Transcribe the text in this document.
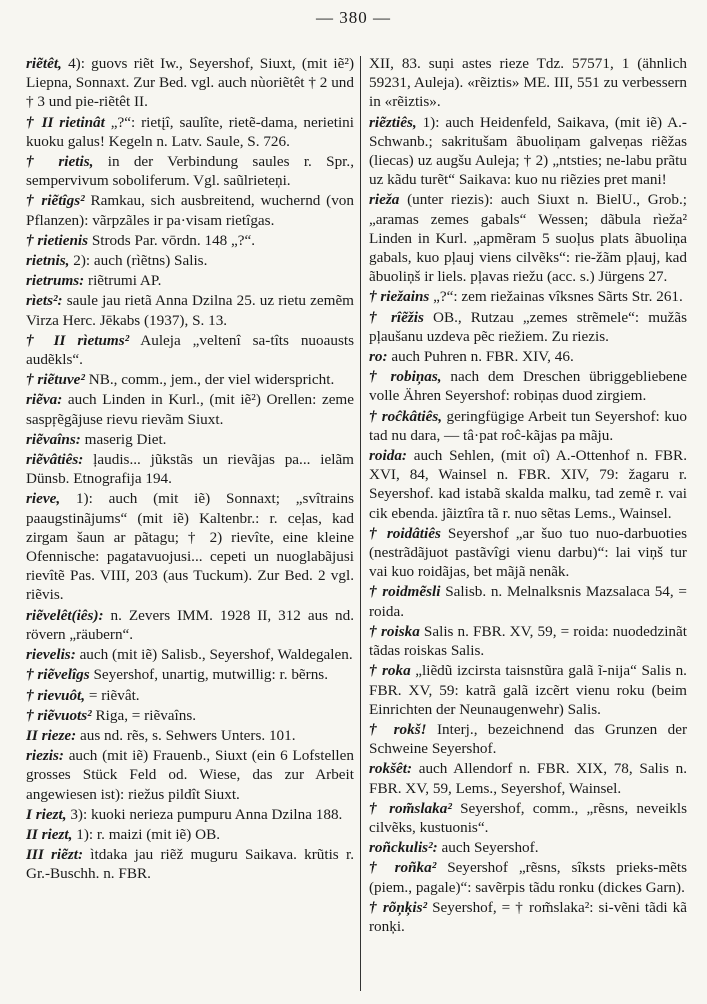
— 380 —

riẽtêt, 4): guovs riẽt Iw., Seyershof, Siuxt, (mit iẽ²) Liepna, Sonnaxt. Zur Bed. vgl. auch nùoriẽtêt † 2 und † 3 und pie-riẽtêt II.

† II rietinât „?“: rietįî, saulîte, rietẽ-dama, nerietini kuoku galus! Kegeln n. Latv. Saule, S. 726.

† rietis, in der Verbindung saules r. Spr., sempervivum soboliferum. Vgl. saũlrieteņi.

† riẽtîgs² Ramkau, sich ausbreitend, wuchernd (von Pflanzen): vãrpzãles ir pa·visam rietîgas.

† rietienis Strods Par. vōrdn. 148 „?“.

rietnis, 2): auch (rìẽtns) Salis.

rietrums: riẽtrumi AP.

rìets²: saule jau rietã Anna Dzilna 25. uz rietu zemẽm Virza Herc. Jēkabs (1937), S. 13.

† II rìetums² Auleja „veltenî sa-tîts nuoausts audẽkls“.

† riẽtuve² NB., comm., jem., der viel widerspricht.

riẽva: auch Linden in Kurl., (mit iẽ²) Orellen: zeme saspŗẽgãjuse rievu rievãm Siuxt.

riẽvaîns: maserig Diet.

riẽvâtiês: ļaudis... jũkstãs un rievãjas pa... ielãm Dünsb. Etnografija 194.

rieve, 1): auch (mit iẽ) Sonnaxt; „svîtrains paaugstinãjums“ (mit iẽ) Kaltenbr.: r. ceļas, kad zirgam šaun ar pãtagu; † 2) rievîte, eine kleine Ofennische: pagatavuojusi... cepeti un nuoglabãjusi rievîtẽ Pas. VIII, 203 (aus Tuckum). Zur Bed. 2 vgl. riẽvis.

riẽvelêt(iês): n. Zevers IMM. 1928 II, 312 aus nd. rövern „räubern“.

rievelis: auch (mit iẽ) Salisb., Seyershof, Waldegalen.

† riẽvelîgs Seyershof, unartig, mutwillig: r. bẽrns.

† rievuôt, = riẽvât.

† riẽvuots² Riga, = riẽvaîns.

II rieze: aus nd. rẽs, s. Sehwers Unters. 101.

riezis: auch (mit iẽ) Frauenb., Siuxt (ein 6 Lofstellen grosses Stück Feld od. Wiese, das zur Arbeit angewiesen ist): riežus pildît Siuxt.

I riezt, 3): kuoki nerieza pumpuru Anna Dzilna 188.

II riezt, 1): r. maizi (mit iẽ) OB.

III riẽzt: ìtdaka jau riẽž muguru Saikava. krũtis r. Gr.-Buschh. n. FBR.

XII, 83. suņi astes rieze Tdz. 57571, 1 (ähnlich 59231, Auleja). «rẽiztis» ME. III, 551 zu verbessern in «rẽiztis».

riẽztiês, 1): auch Heidenfeld, Saikava, (mit iẽ) A.-Schwanb.; sakritušam ãbuoliņam galveņas riẽžas (liecas) uz augšu Auleja; † 2) „ntsties; ne-labu prãtu uz kãdu turẽt“ Saikava: kuo nu riẽzies pret mani!

rieža (unter riezis): auch Siuxt n. BielU., Grob.; „aramas zemes gabals“ Wessen; dãbula rìeža² Linden in Kurl. „apmẽram 5 suoļus plats ãbuoliņa gabals, kuo pļauj viens cilvẽks“: rie-žãm pļauj, kad ãbuoliņš ir liels. pļavas riežu (acc. s.) Jürgens 27.

† riežains „?“: zem riežainas vîksnes Sãrts Str. 261.

† rîẽžis OB., Rutzau „zemes strẽmele“: mužãs pļaušanu uzdeva pẽc riežiem. Zu riezis.

ro: auch Puhren n. FBR. XIV, 46.

† robiņas, nach dem Dreschen übriggebliebene volle Ähren Seyershof: robiņas duod zirgiem.

† roĉkâtiês, geringfügige Arbeit tun Seyershof: kuo tad nu dara, — tâ·pat roĉ-kãjas pa mãju.

roida: auch Sehlen, (mit oî) A.-Ottenhof n. FBR. XVI, 84, Wainsel n. FBR. XIV, 79: žagaru r. Seyershof. kad istabã skalda malku, tad zemẽ r. vai cik ebenda. jãiztîra tã r. nuo sẽtas Lems., Wainsel.

† roidâtiês Seyershof „ar šuo tuo nuo-darbuoties (nestrãdãjuot pastãvîgi vienu darbu)“: lai viņš tur vai kuo roidãjas, bet mãjã nenãk.

† roidmẽsli Salisb. n. Melnalksnis Mazsalaca 54, = roida.

† roiska Salis n. FBR. XV, 59, = roida: nuodedzinãt tãdas roiskas Salis.

† roka „liẽdũ izcirsta taisnstũra galã ĩ-nija“ Salis n. FBR. XV, 59: katrã galã izcẽrt vienu roku (beim Einrichten der Neunaugenwehr) Salis.

† rokš! Interj., bezeichnend das Grunzen der Schweine Seyershof.

rokšêt: auch Allendorf n. FBR. XIX, 78, Salis n. FBR. XV, 59, Lems., Seyershof, Wainsel.

† rom̃slaka² Seyershof, comm., „rẽsns, neveikls cilvẽks, kustuonis“.

roñckulis²: auch Seyershof.

† roñka² Seyershof „rẽsns, sîksts prieks-mẽts (piem., pagale)“: savẽrpis tãdu ronku (dickes Garn).

† rõņķis² Seyershof, = † rom̃slaka²: si-vẽni tãdi kã ronķi.
